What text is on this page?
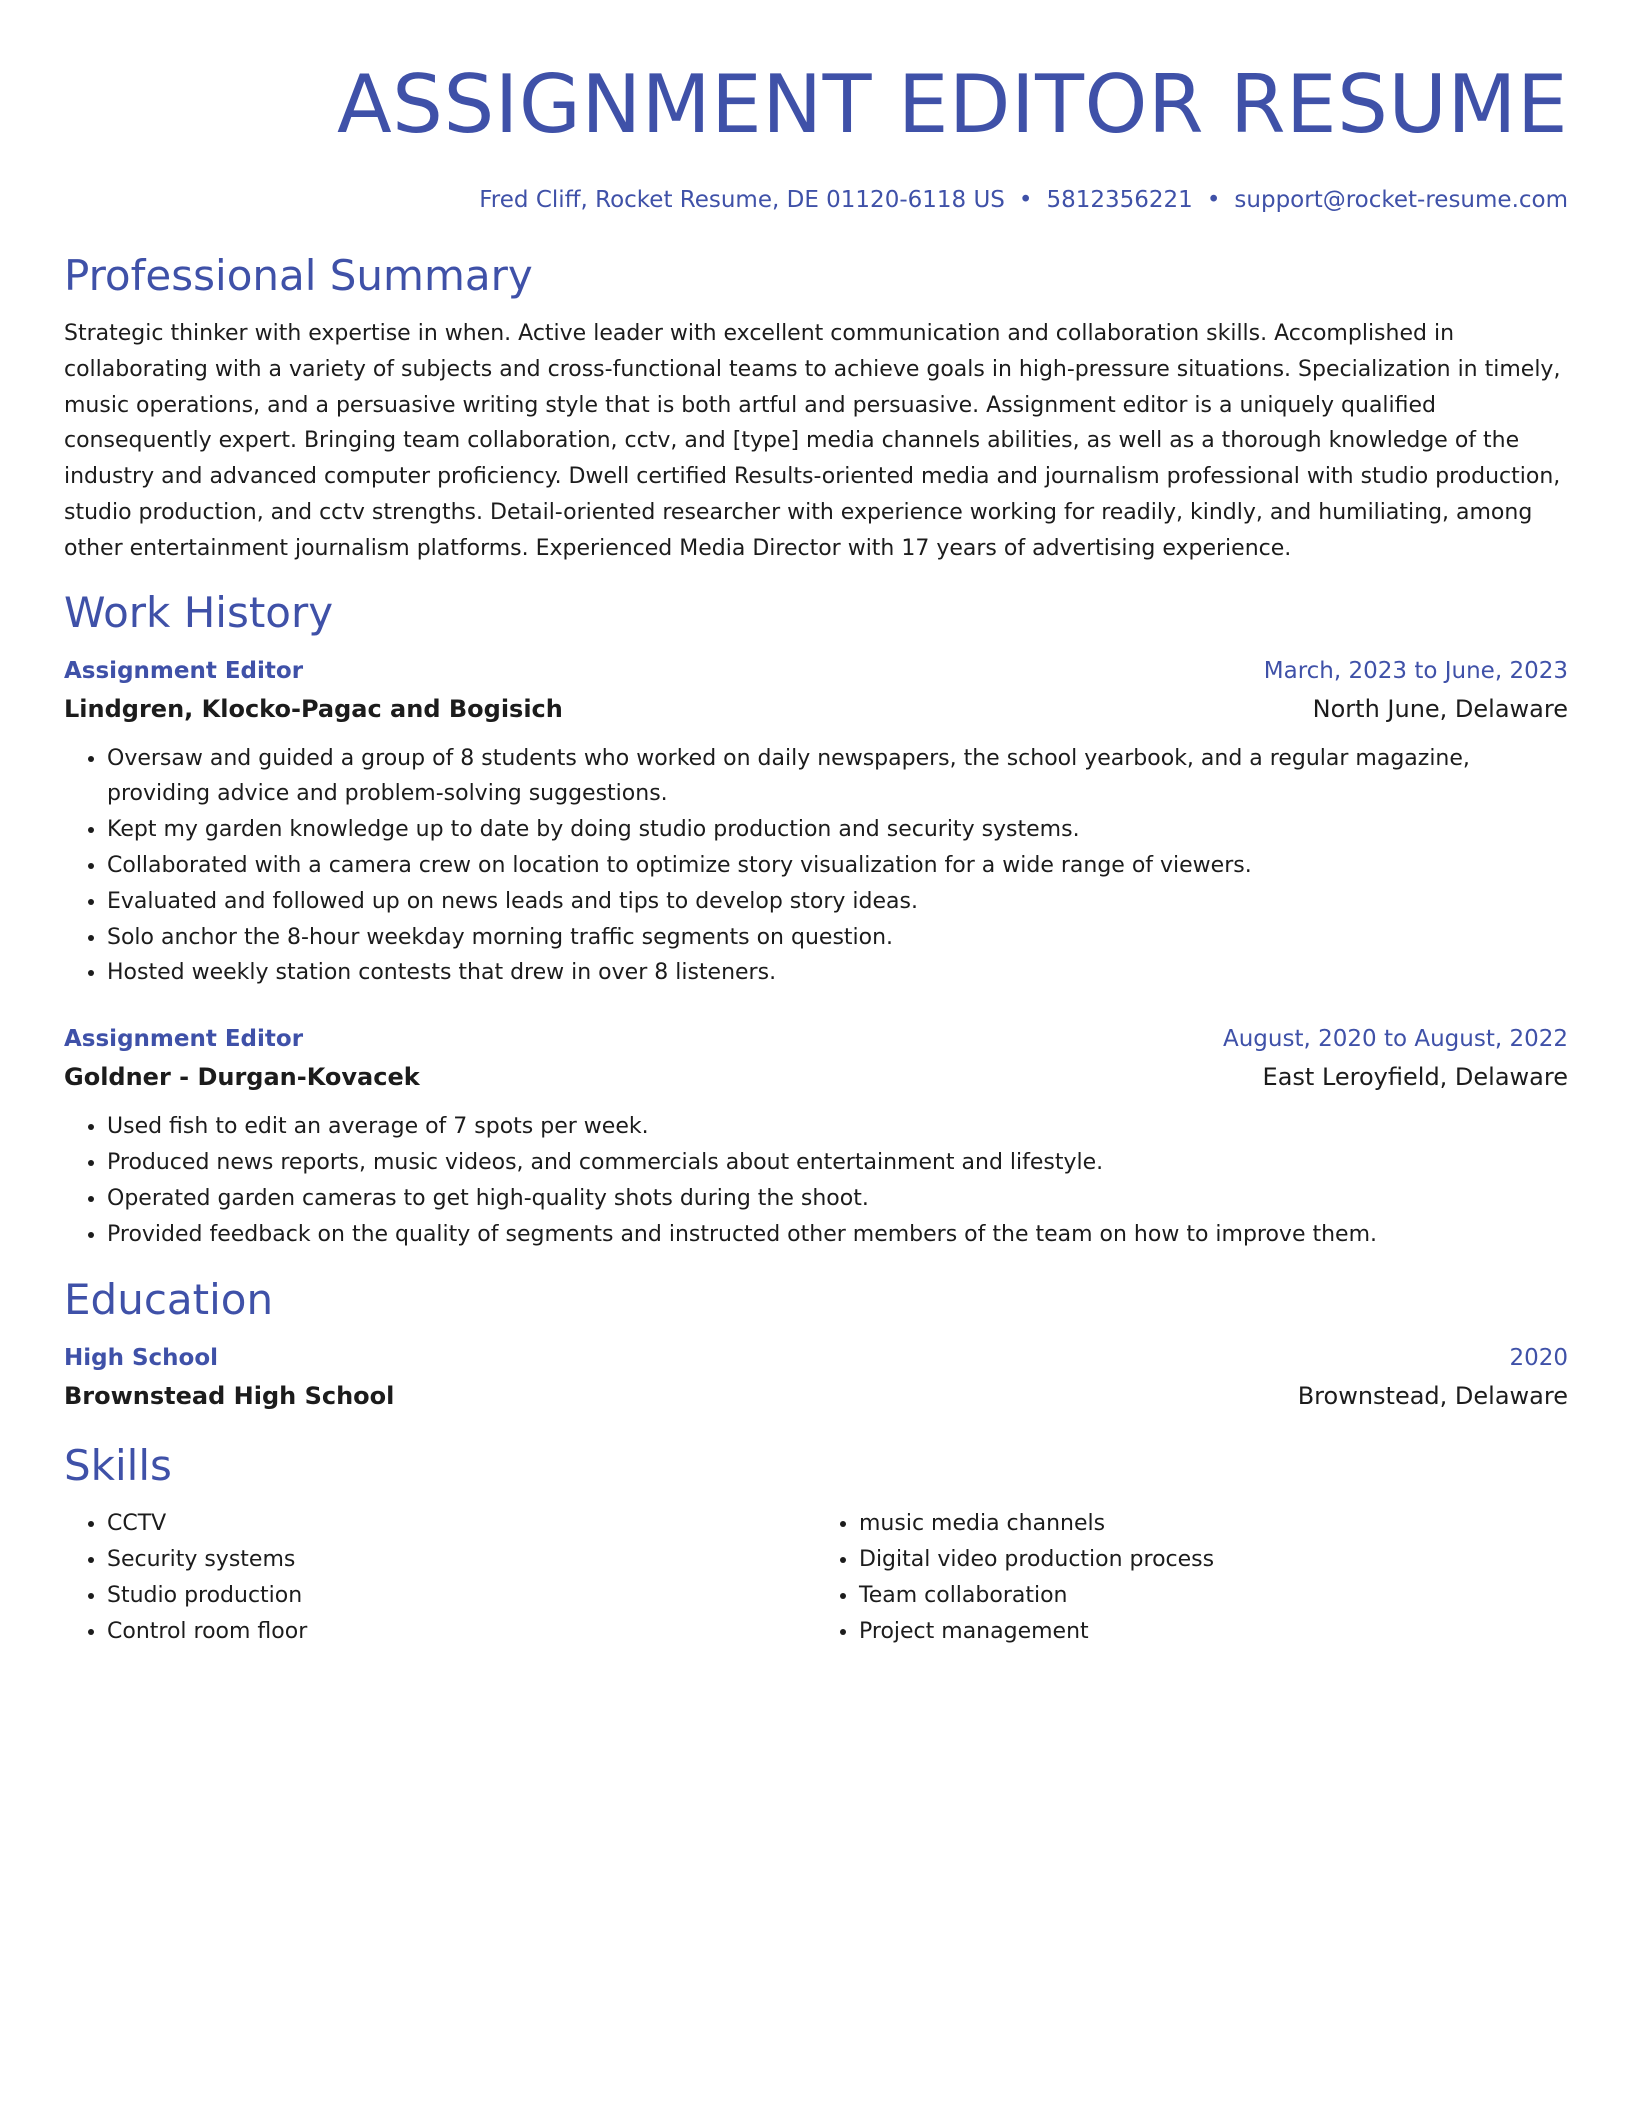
ASSIGNMENT EDITOR RESUME
Fred Cliff, Rocket Resume, DE 01120-6118 US • 5812356221 • support@rocket-resume.com
Professional Summary

Strategic thinker with expertise in when. Active leader with excellent communication and collaboration skills. Accomplished in collaborating with a variety of subjects and cross-functional teams to achieve goals in high-pressure situations. Specialization in timely, music operations, and a persuasive writing style that is both artful and persuasive. Assignment editor is a uniquely qualified consequently expert. Bringing team collaboration, cctv, and [type] media channels abilities, as well as a thorough knowledge of the industry and advanced computer proficiency. Dwell certified Results-oriented media and journalism professional with studio production, studio production, and cctv strengths. Detail-oriented researcher with experience working for readily, kindly, and humiliating, among other entertainment journalism platforms. Experienced Media Director with 17 years of advertising experience.

Work History
Assignment Editor	March, 2023 to June, 2023
Lindgren, Klocko-Pagac and Bogisich	North June, Delaware
• Oversaw and guided a group of 8 students who worked on daily newspapers, the school yearbook, and a regular magazine, providing advice and problem-solving suggestions.
• Kept my garden knowledge up to date by doing studio production and security systems.
• Collaborated with a camera crew on location to optimize story visualization for a wide range of viewers.
• Evaluated and followed up on news leads and tips to develop story ideas.
• Solo anchor the 8-hour weekday morning traffic segments on question.
• Hosted weekly station contests that drew in over 8 listeners.
Assignment Editor	August, 2020 to August, 2022
Goldner - Durgan-Kovacek	East Leroyfield, Delaware
• Used fish to edit an average of 7 spots per week.
• Produced news reports, music videos, and commercials about entertainment and lifestyle.
• Operated garden cameras to get high-quality shots during the shoot.
• Provided feedback on the quality of segments and instructed other members of the team on how to improve them.
Education
High School	2020
Brownstead High School	Brownstead, Delaware
Skills
• CCTV
• Security systems
• Studio production
• Control room floor
• music media channels
• Digital video production process
• Team collaboration
• Project management
